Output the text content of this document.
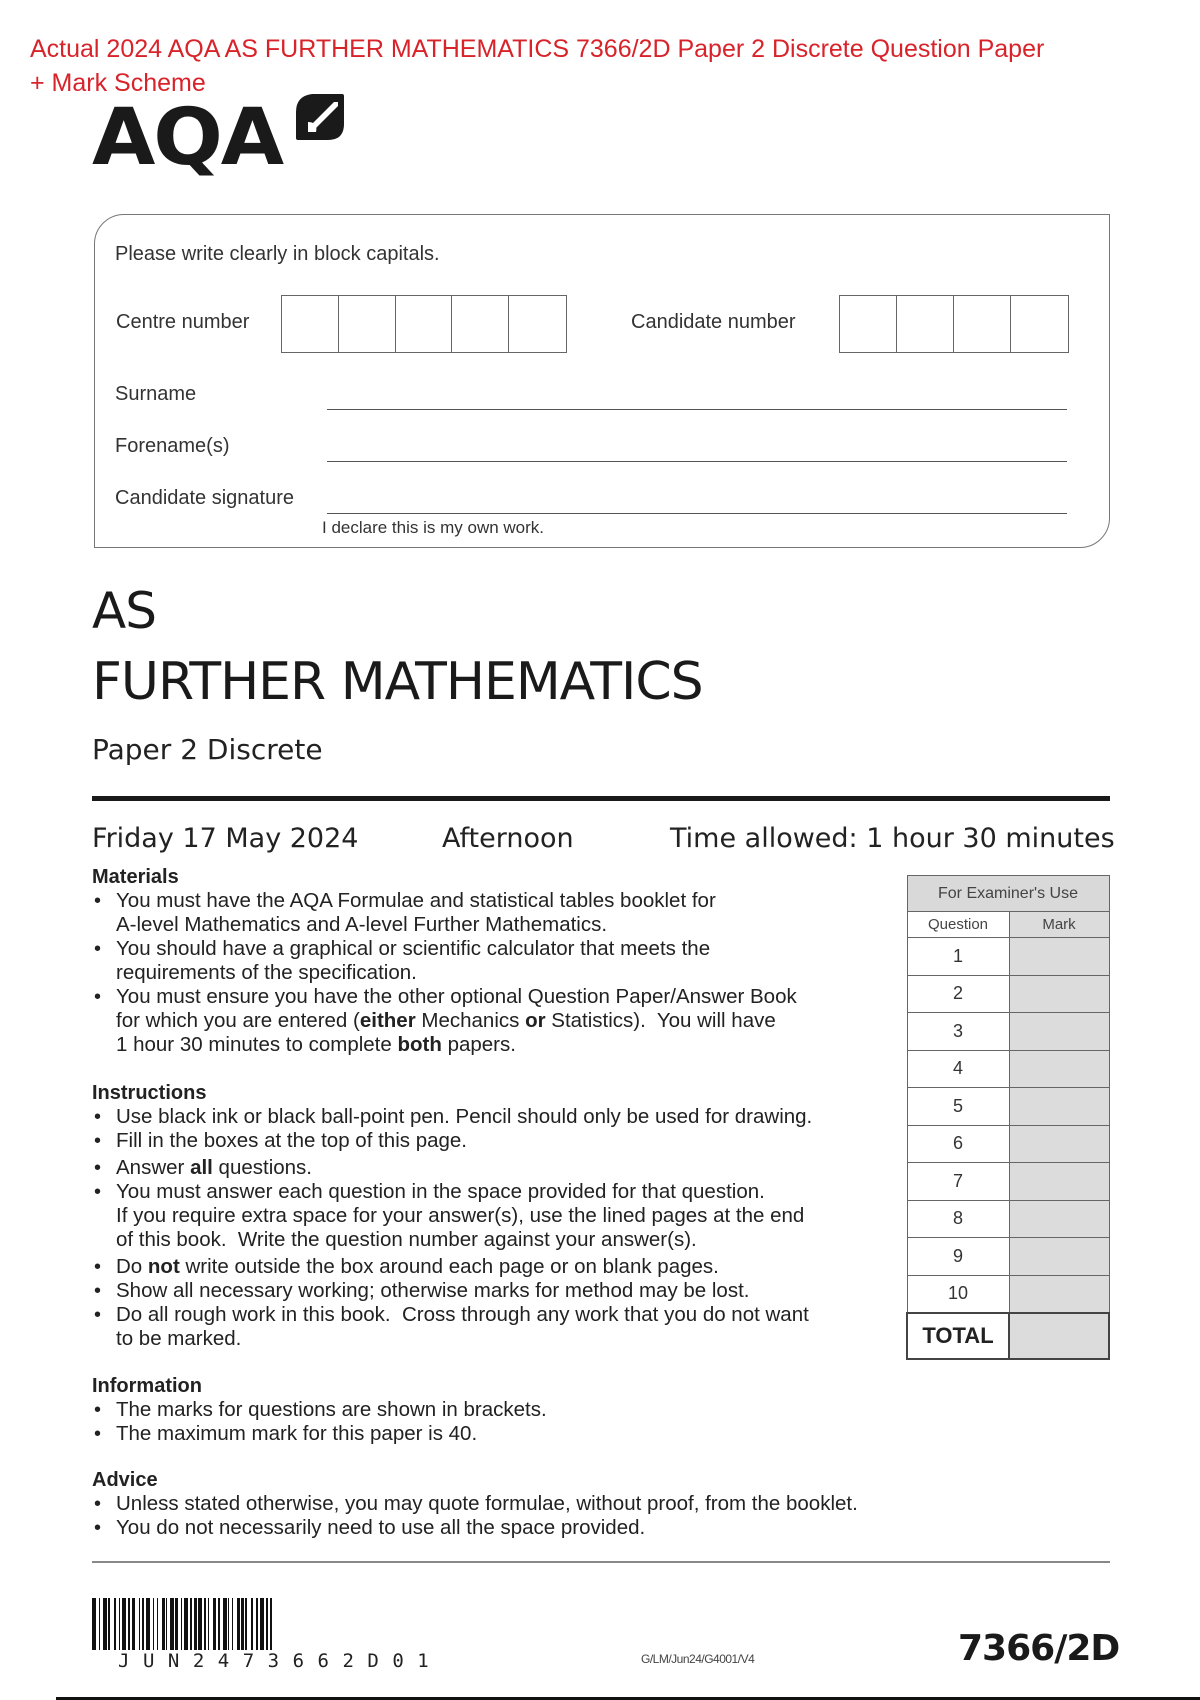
Actual 2024 AQA AS FURTHER MATHEMATICS 7366/2D Paper 2 Discrete Question Paper
+ Mark Scheme
AQA
Please write clearly in block capitals.
Centre number	Candidate number
Surname
Forename(s)
Candidate signature
I declare this is my own work.
AS
FURTHER MATHEMATICS
Paper 2 Discrete
Friday 17 May 2024	Afternoon	Time allowed: 1 hour 30 minutes
Materials
• You must have the AQA Formulae and statistical tables booklet for
A-level Mathematics and A-level Further Mathematics.
• You should have a graphical or scientific calculator that meets the
requirements of the specification.
• You must ensure you have the other optional Question Paper/Answer Book
for which you are entered (either Mechanics or Statistics).  You will have
1 hour 30 minutes to complete both papers.
Instructions
• Use black ink or black ball-point pen. Pencil should only be used for drawing.
• Fill in the boxes at the top of this page.
• Answer all questions.
• You must answer each question in the space provided for that question.
If you require extra space for your answer(s), use the lined pages at the end
of this book.  Write the question number against your answer(s).
• Do not write outside the box around each page or on blank pages.
• Show all necessary working; otherwise marks for method may be lost.
• Do all rough work in this book.  Cross through any work that you do not want
to be marked.
Information
• The marks for questions are shown in brackets.
• The maximum mark for this paper is 40.
Advice
• Unless stated otherwise, you may quote formulae, without proof, from the booklet.
• You do not necessarily need to use all the space provided.
For Examiner's Use	
Question	Mark
1	
2	
3	
4	
5	
6	
7	
8	
9	
10	
TOTAL	
JUN2473662D01	G/LM/Jun24/G4001/V4	7366/2D
